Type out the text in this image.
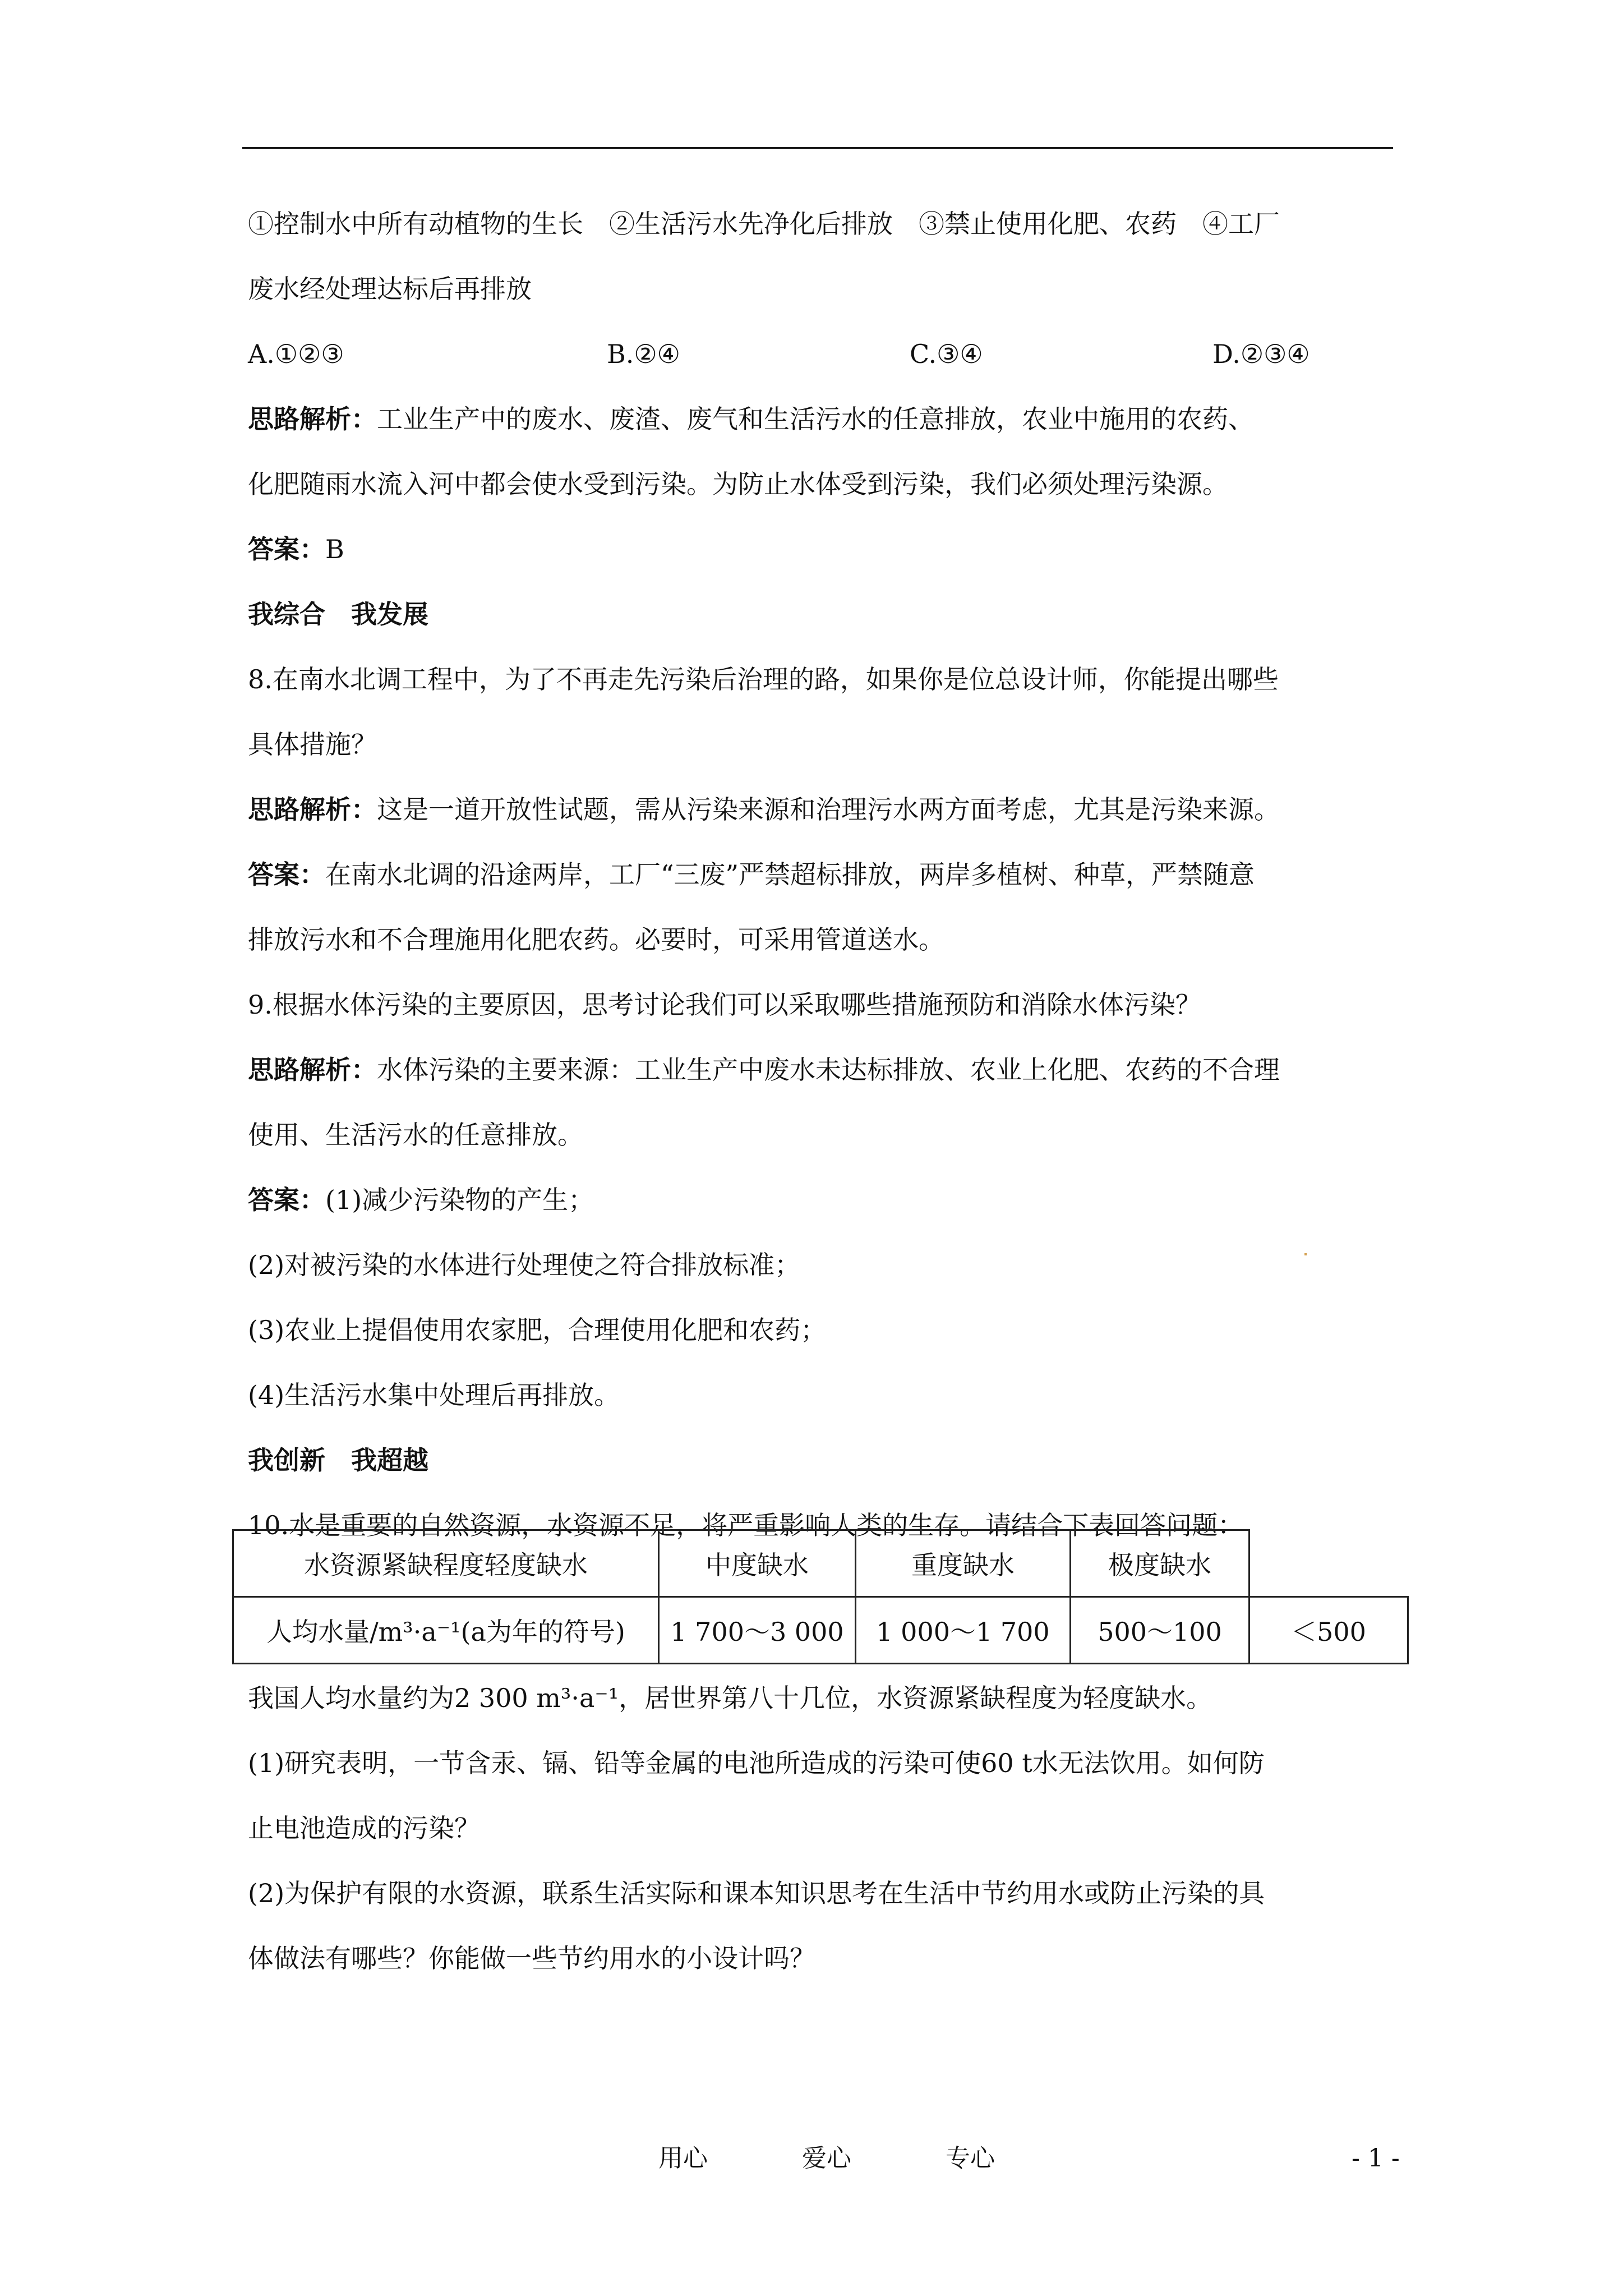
①控制水中所有动植物的生长　②生活污水先净化后排放　③禁止使用化肥、农药　④工厂
废水经处理达标后再排放
A.①②③	B.②④	C.③④	D.②③④
思路解析：工业生产中的废水、废渣、废气和生活污水的任意排放，农业中施用的农药、
化肥随雨水流入河中都会使水受到污染。为防止水体受到污染，我们必须处理污染源。
答案：B
我综合　我发展
8.在南水北调工程中，为了不再走先污染后治理的路，如果你是位总设计师，你能提出哪些
具体措施？
思路解析：这是一道开放性试题，需从污染来源和治理污水两方面考虑，尤其是污染来源。
答案：在南水北调的沿途两岸，工厂“三废”严禁超标排放，两岸多植树、种草，严禁随意
排放污水和不合理施用化肥农药。必要时，可采用管道送水。
9.根据水体污染的主要原因，思考讨论我们可以采取哪些措施预防和消除水体污染？
思路解析：水体污染的主要来源：工业生产中废水未达标排放、农业上化肥、农药的不合理
使用、生活污水的任意排放。
答案：(1)减少污染物的产生；
(2)对被污染的水体进行处理使之符合排放标准；
(3)农业上提倡使用农家肥，合理使用化肥和农药；
(4)生活污水集中处理后再排放。
我创新　我超越
10.水是重要的自然资源，水资源不足，将严重影响人类的生存。请结合下表回答问题：
水资源紧缺程度轻度缺水	中度缺水	重度缺水	极度缺水	
人均水量/m³·a⁻¹(a为年的符号)	1 700～3 000	1 000～1 700	500～100	＜500
我国人均水量约为2 300 m³·a⁻¹，居世界第八十几位，水资源紧缺程度为轻度缺水。
(1)研究表明，一节含汞、镉、铅等金属的电池所造成的污染可使60 t水无法饮用。如何防
止电池造成的污染？
(2)为保护有限的水资源，联系生活实际和课本知识思考在生活中节约用水或防止污染的具
体做法有哪些？你能做一些节约用水的小设计吗？
用心	爱心	专心	- 1 -
